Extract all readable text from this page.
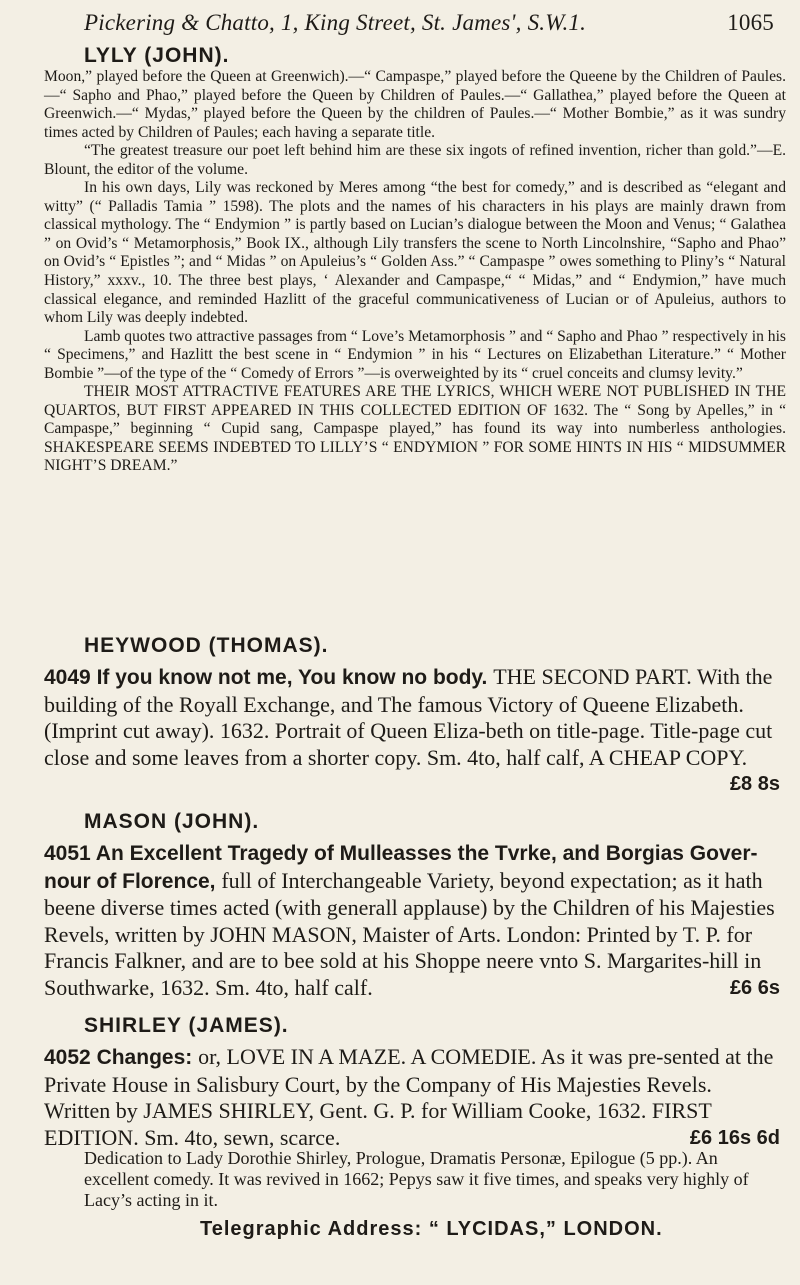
Pickering & Chatto, 1, King Street, St. James', S.W.1.	1065
LYLY (JOHN).

Moon,” played before the Queen at Greenwich).—“ Campaspe,” played before the Queene by the Children of Paules.—“ Sapho and Phao,” played before the Queen by Children of Paules.—“ Gallathea,” played before the Queen at Greenwich.—“ Mydas,” played before the Queen by the children of Paules.—“ Mother Bombie,” as it was sundry times acted by Children of Paules; each having a separate title.

“The greatest treasure our poet left behind him are these six ingots of refined invention, richer than gold.”—E. Blount, the editor of the volume.

In his own days, Lily was reckoned by Meres among “the best for comedy,” and is described as “elegant and witty” (“ Palladis Tamia ” 1598). The plots and the names of his characters in his plays are mainly drawn from classical mythology. The “ Endymion ” is partly based on Lucian’s dialogue between the Moon and Venus; “ Galathea ” on Ovid’s “ Metamorphosis,” Book IX., although Lily transfers the scene to North Lincolnshire, “Sapho and Phao” on Ovid’s “ Epistles ”; and “ Midas ” on Apuleius’s “ Golden Ass.” “ Campaspe ” owes something to Pliny’s “ Natural History,” xxxv., 10. The three best plays, ‘ Alexander and Campaspe,“ “ Midas,” and “ Endymion,” have much classical elegance, and reminded Hazlitt of the graceful communicativeness of Lucian or of Apuleius, authors to whom Lily was deeply indebted.

Lamb quotes two attractive passages from “ Love’s Metamorphosis ” and “ Sapho and Phao ” respectively in his “ Specimens,” and Hazlitt the best scene in “ Endymion ” in his “ Lectures on Elizabethan Literature.” “ Mother Bombie ”—of the type of the “ Comedy of Errors ”—is overweighted by its “ cruel conceits and clumsy levity.”

THEIR MOST ATTRACTIVE FEATURES ARE THE LYRICS, WHICH WERE NOT PUBLISHED IN THE QUARTOS, BUT FIRST APPEARED IN THIS COLLECTED EDITION OF 1632. The “ Song by Apelles,” in “ Campaspe,” beginning “ Cupid sang, Campaspe played,” has found its way into numberless anthologies. SHAKESPEARE SEEMS INDEBTED TO LILLY’S “ ENDYMION ” FOR SOME HINTS IN HIS “ MIDSUMMER NIGHT’S DREAM.”

HEYWOOD (THOMAS).
4049 If you know not me, You know no body. THE SECOND PART. With the building of the Royall Exchange, and The famous Victory of Queene Elizabeth. (Imprint cut away). 1632. Portrait of Queen Eliza-beth on title-page. Title-page cut close and some leaves from a shorter copy. Sm. 4to, half calf, A CHEAP COPY.
£8 8s
MASON (JOHN).
4051 An Excellent Tragedy of Mulleasses the Tvrke, and Borgias Gover-nour of Florence, full of Interchangeable Variety, beyond expectation; as it hath beene diverse times acted (with generall applause) by the Children of his Majesties Revels, written by JOHN MASON, Maister of Arts. London: Printed by T. P. for Francis Falkner, and are to bee sold at his Shoppe neere vnto S. Margarites-hill in Southwarke, 1632. Sm. 4to, half calf.	£6 6s
SHIRLEY (JAMES).
4052 Changes: or, LOVE IN A MAZE. A COMEDIE. As it was pre-sented at the Private House in Salisbury Court, by the Company of His Majesties Revels. Written by JAMES SHIRLEY, Gent. G. P. for William Cooke, 1632. FIRST EDITION. Sm. 4to, sewn, scarce.	£6 16s 6d
Dedication to Lady Dorothie Shirley, Prologue, Dramatis Personæ, Epilogue (5 pp.). An excellent comedy. It was revived in 1662; Pepys saw it five times, and speaks very highly of Lacy’s acting in it.
Telegraphic Address: “ LYCIDAS,” LONDON.
